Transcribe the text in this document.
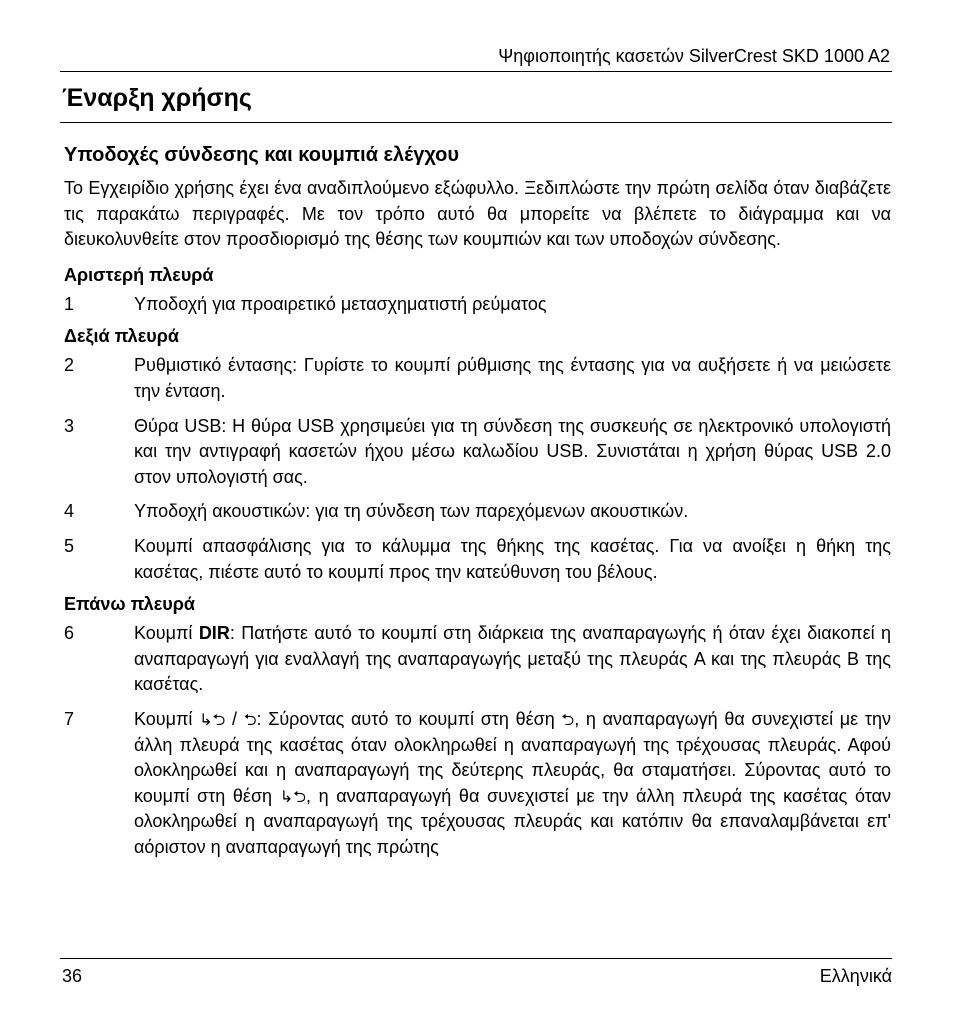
Ψηφιοποιητής κασετών SilverCrest SKD 1000 A2
Έναρξη χρήσης
Υποδοχές σύνδεσης και κουμπιά ελέγχου

Το Εγχειρίδιο χρήσης έχει ένα αναδιπλούμενο εξώφυλλο. Ξεδιπλώστε την πρώτη σελίδα όταν διαβάζετε τις παρακάτω περιγραφές. Με τον τρόπο αυτό θα μπορείτε να βλέπετε το διάγραμμα και να διευκολυνθείτε στον προσδιορισμό της θέσης των κουμπιών και των υποδοχών σύνδεσης.

Αριστερή πλευρά
1	Υποδοχή για προαιρετικό μετασχηματιστή ρεύματος
Δεξιά πλευρά
2	Ρυθμιστικό έντασης: Γυρίστε το κουμπί ρύθμισης της έντασης για να αυξήσετε ή να μειώσετε την ένταση.
3	Θύρα USB: Η θύρα USB χρησιμεύει για τη σύνδεση της συσκευής σε ηλεκτρονικό υπολογιστή και την αντιγραφή κασετών ήχου μέσω καλωδίου USB. Συνιστάται η χρήση θύρας USB 2.0 στον υπολογιστή σας.
4	Υποδοχή ακουστικών: για τη σύνδεση των παρεχόμενων ακουστικών.
5	Κουμπί απασφάλισης για το κάλυμμα της θήκης της κασέτας. Για να ανοίξει η θήκη της κασέτας, πιέστε αυτό το κουμπί προς την κατεύθυνση του βέλους.
Επάνω πλευρά
6	Κουμπί DIR: Πατήστε αυτό το κουμπί στη διάρκεια της αναπαραγωγής ή όταν έχει διακοπεί η αναπαραγωγή για εναλλαγή της αναπαραγωγής μεταξύ της πλευράς A και της πλευράς B της κασέτας.
7	Κουμπί ↳⮌ / ⮌: Σύροντας αυτό το κουμπί στη θέση ⮌, η αναπαραγωγή θα συνεχιστεί με την άλλη πλευρά της κασέτας όταν ολοκληρωθεί η αναπαραγωγή της τρέχουσας πλευράς. Αφού ολοκληρωθεί και η αναπαραγωγή της δεύτερης πλευράς, θα σταματήσει. Σύροντας αυτό το κουμπί στη θέση ↳⮌, η αναπαραγωγή θα συνεχιστεί με την άλλη πλευρά της κασέτας όταν ολοκληρωθεί η αναπαραγωγή της τρέχουσας πλευράς και κατόπιν θα επαναλαμβάνεται επ' αόριστον η αναπαραγωγή της πρώτης
36	Ελληνικά
